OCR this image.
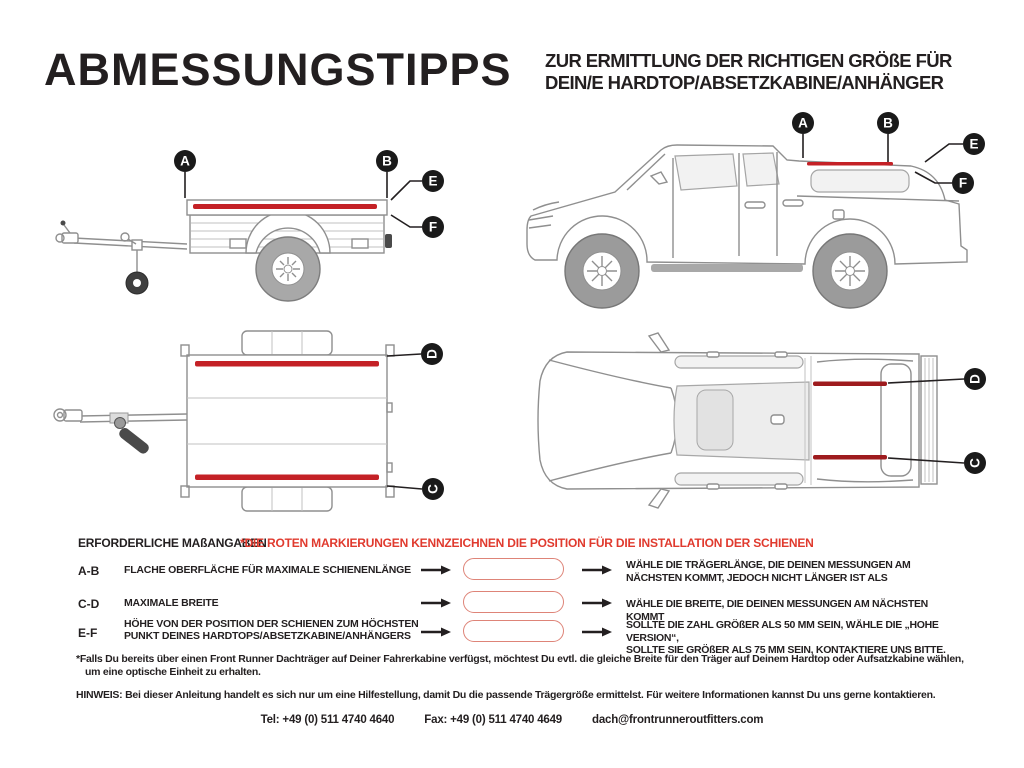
ABMESSUNGSTIPPS ZUR ERMITTLUNG DER RICHTIGEN GRÖßE FÜR
DEIN/E HARDTOP/ABSETZKABINE/ANHÄNGER
A	B
E
F
A	B
E
F
D
C
D
C
ERFORDERLICHE MAßANGABEN
*DIE ROTEN MARKIERUNGEN KENNZEICHNEN DIE POSITION FÜR DIE INSTALLATION DER SCHIENEN
A-B FLACHE OBERFLÄCHE FÜR MAXIMALE SCHIENENLÄNGE	WÄHLE DIE TRÄGERLÄNGE, DIE DEINEN MESSUNGEN AM
NÄCHSTEN KOMMT, JEDOCH NICHT LÄNGER IST ALS
C-D MAXIMALE BREITE	WÄHLE DIE BREITE, DIE DEINEN MESSUNGEN AM NÄCHSTEN KOMMT
E-F
HÖHE VON DER POSITION DER SCHIENEN ZUM HÖCHSTEN
PUNKT DEINES HARDTOPS/ABSETZKABINE/ANHÄNGERS
SOLLTE DIE ZAHL GRÖßER ALS 50 MM SEIN, WÄHLE DIE „HOHE VERSION“,
SOLLTE SIE GRÖßER ALS 75 MM SEIN, KONTAKTIERE UNS BITTE.
*Falls Du bereits über einen Front Runner Dachträger auf Deiner Fahrerkabine verfügst, möchtest Du evtl. die gleiche Breite für den Träger auf Deinem Hardtop oder Aufsatzkabine wählen,
um eine optische Einheit zu erhalten.
HINWEIS: Bei dieser Anleitung handelt es sich nur um eine Hilfestellung, damit Du die passende Trägergröße ermittelst. Für weitere Informationen kannst Du uns gerne kontaktieren.
Tel: +49 (0) 511 4740 4640	Fax: +49 (0) 511 4740 4649	dach@frontrunneroutfitters.com
